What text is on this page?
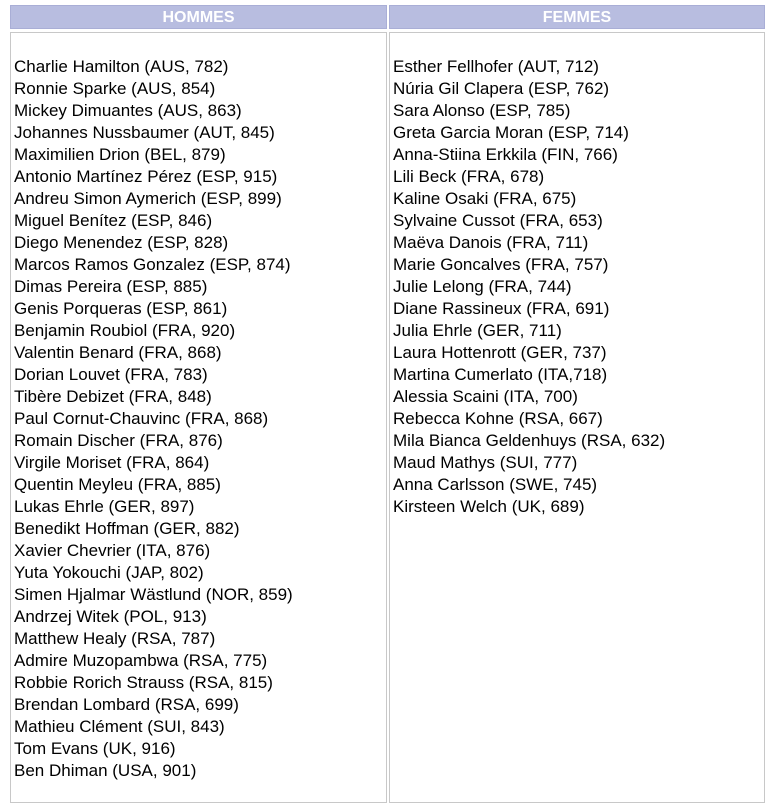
HOMMES
Charlie Hamilton (AUS, 782)
Ronnie Sparke (AUS, 854)
Mickey Dimuantes (AUS, 863)
Johannes Nussbaumer (AUT, 845)
Maximilien Drion (BEL, 879)
Antonio Martínez Pérez (ESP, 915)
Andreu Simon Aymerich (ESP, 899)
Miguel Benítez (ESP, 846)
Diego Menendez (ESP, 828)
Marcos Ramos Gonzalez (ESP, 874)
Dimas Pereira (ESP, 885)
Genis Porqueras (ESP, 861)
Benjamin Roubiol (FRA, 920)
Valentin Benard (FRA, 868)
Dorian Louvet (FRA, 783)
Tibère Debizet (FRA, 848)
Paul Cornut-Chauvinc (FRA, 868)
Romain Discher (FRA, 876)
Virgile Moriset (FRA, 864)
Quentin Meyleu (FRA, 885)
Lukas Ehrle (GER, 897)
Benedikt Hoffman (GER, 882)
Xavier Chevrier (ITA, 876)
Yuta Yokouchi (JAP, 802)
Simen Hjalmar Wästlund (NOR, 859)
Andrzej Witek (POL, 913)
Matthew Healy (RSA, 787)
Admire Muzopambwa (RSA, 775)
Robbie Rorich Strauss (RSA, 815)
Brendan Lombard (RSA, 699)
Mathieu Clément (SUI, 843)
Tom Evans (UK, 916)
Ben Dhiman (USA, 901)
FEMMES
Esther Fellhofer (AUT, 712)
Núria Gil Clapera (ESP, 762)
Sara Alonso (ESP, 785)
Greta Garcia Moran (ESP, 714)
Anna-Stiina Erkkila (FIN, 766)
Lili Beck (FRA, 678)
Kaline Osaki (FRA, 675)
Sylvaine Cussot (FRA, 653)
Maëva Danois (FRA, 711)
Marie Goncalves (FRA, 757)
Julie Lelong (FRA, 744)
Diane Rassineux (FRA, 691)
Julia Ehrle (GER, 711)
Laura Hottenrott (GER, 737)
Martina Cumerlato (ITA,718)
Alessia Scaini (ITA, 700)
Rebecca Kohne (RSA, 667)
Mila Bianca Geldenhuys (RSA, 632)
Maud Mathys (SUI, 777)
Anna Carlsson (SWE, 745)
Kirsteen Welch (UK, 689)
